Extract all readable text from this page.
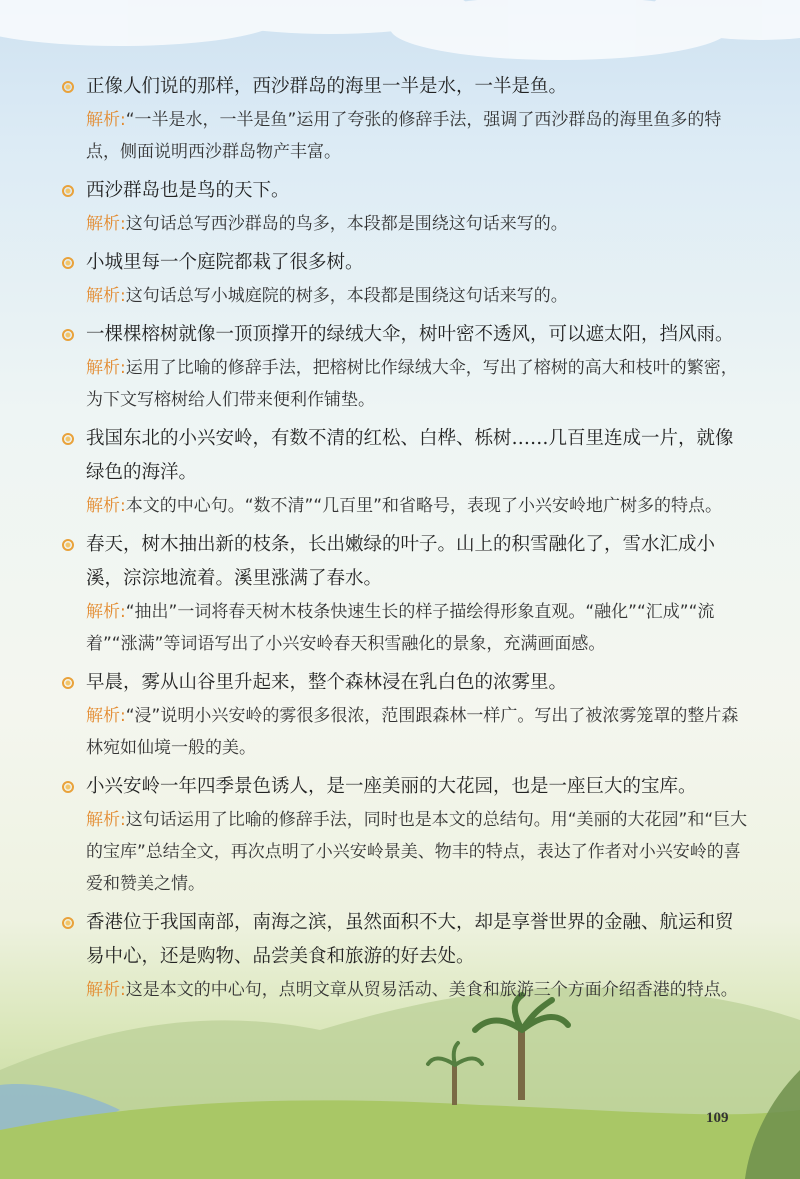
正像人们说的那样，西沙群岛的海里一半是水，一半是鱼。
解析:“一半是水，一半是鱼”运用了夸张的修辞手法，强调了西沙群岛的海里鱼多的特点，侧面说明西沙群岛物产丰富。
西沙群岛也是鸟的天下。
解析:这句话总写西沙群岛的鸟多，本段都是围绕这句话来写的。
小城里每一个庭院都栽了很多树。
解析:这句话总写小城庭院的树多，本段都是围绕这句话来写的。
一棵棵榕树就像一顶顶撑开的绿绒大伞，树叶密不透风，可以遮太阳，挡风雨。
解析:运用了比喻的修辞手法，把榕树比作绿绒大伞，写出了榕树的高大和枝叶的繁密，为下文写榕树给人们带来便利作铺垫。
我国东北的小兴安岭，有数不清的红松、白桦、栎树……几百里连成一片，就像绿色的海洋。
解析:本文的中心句。“数不清”“几百里”和省略号，表现了小兴安岭地广树多的特点。
春天，树木抽出新的枝条，长出嫩绿的叶子。山上的积雪融化了，雪水汇成小溪，淙淙地流着。溪里涨满了春水。
解析:“抽出”一词将春天树木枝条快速生长的样子描绘得形象直观。“融化”“汇成”“流着”“涨满”等词语写出了小兴安岭春天积雪融化的景象，充满画面感。
早晨，雾从山谷里升起来，整个森林浸在乳白色的浓雾里。
解析:“浸”说明小兴安岭的雾很多很浓，范围跟森林一样广。写出了被浓雾笼罩的整片森林宛如仙境一般的美。
小兴安岭一年四季景色诱人，是一座美丽的大花园，也是一座巨大的宝库。
解析:这句话运用了比喻的修辞手法，同时也是本文的总结句。用“美丽的大花园”和“巨大的宝库”总结全文，再次点明了小兴安岭景美、物丰的特点，表达了作者对小兴安岭的喜爱和赞美之情。
香港位于我国南部，南海之滨，虽然面积不大，却是享誉世界的金融、航运和贸易中心，还是购物、品尝美食和旅游的好去处。
解析:这是本文的中心句，点明文章从贸易活动、美食和旅游三个方面介绍香港的特点。
109
